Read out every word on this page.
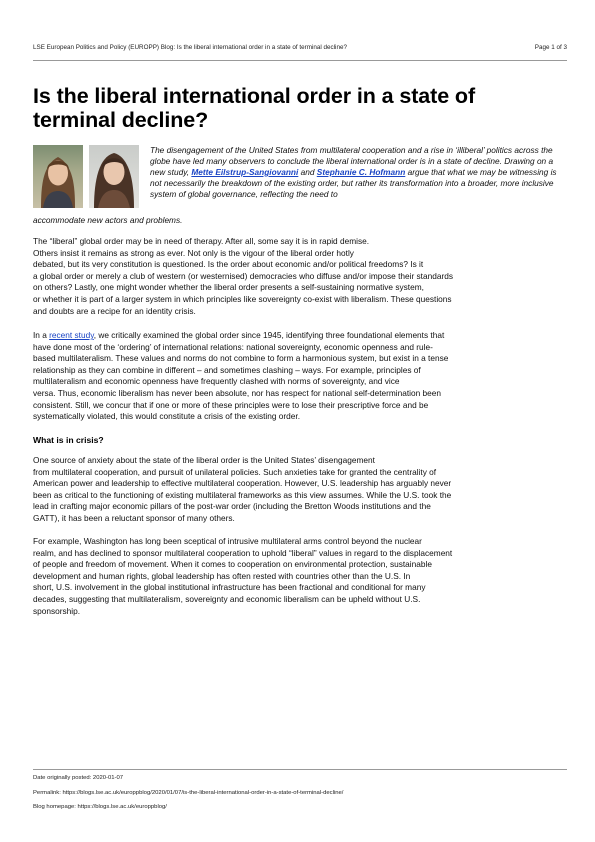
LSE European Politics and Policy (EUROPP) Blog: Is the liberal international order in a state of terminal decline?	Page 1 of 3
Is the liberal international order in a state of terminal decline?
The disengagement of the United States from multilateral cooperation and a rise in ‘illiberal’ politics across the globe have led many observers to conclude the liberal international order is in a state of decline. Drawing on a new study, Mette Eilstrup-Sangiovanni and Stephanie C. Hofmann argue that what we may be witnessing is not necessarily the breakdown of the existing order, but rather its transformation into a broader, more inclusive system of global governance, reflecting the need to
accommodate new actors and problems.
The “liberal” global order may be in need of therapy. After all, some say it is in rapid demise.
Others insist it remains as strong as ever. Not only is the vigour of the liberal order hotly
debated, but its very constitution is questioned. Is the order about economic and/or political freedoms? Is it
a global order or merely a club of western (or westernised) democracies who diffuse and/or impose their standards
on others? Lastly, one might wonder whether the liberal order presents a self-sustaining normative system,
or whether it is part of a larger system in which principles like sovereignty co-exist with liberalism. These questions
and doubts are a recipe for an identity crisis.
In a recent study, we critically examined the global order since 1945, identifying three foundational elements that
have done most of the ‘ordering’ of international relations: national sovereignty, economic openness and rule-
based multilateralism. These values and norms do not combine to form a harmonious system, but exist in a tense
relationship as they can combine in different – and sometimes clashing – ways. For example, principles of
multilateralism and economic openness have frequently clashed with norms of sovereignty, and vice
versa. Thus, economic liberalism has never been absolute, nor has respect for national self-determination been
consistent. Still, we concur that if one or more of these principles were to lose their prescriptive force and be
systematically violated, this would constitute a crisis of the existing order.
What is in crisis?
One source of anxiety about the state of the liberal order is the United States’ disengagement
from multilateral cooperation, and pursuit of unilateral policies. Such anxieties take for granted the centrality of
American power and leadership to effective multilateral cooperation. However, U.S. leadership has arguably never
been as critical to the functioning of existing multilateral frameworks as this view assumes. While the U.S. took the
lead in crafting major economic pillars of the post-war order (including the Bretton Woods institutions and the
GATT), it has been a reluctant sponsor of many others.
For example, Washington has long been sceptical of intrusive multilateral arms control beyond the nuclear
realm, and has declined to sponsor multilateral cooperation to uphold “liberal” values in regard to the displacement
of people and freedom of movement. When it comes to cooperation on environmental protection, sustainable
development and human rights, global leadership has often rested with countries other than the U.S. In
short, U.S. involvement in the global institutional infrastructure has been fractional and conditional for many
decades, suggesting that multilateralism, sovereignty and economic liberalism can be upheld without U.S.
sponsorship.
Date originally posted: 2020-01-07
Permalink: https://blogs.lse.ac.uk/europpblog/2020/01/07/is-the-liberal-international-order-in-a-state-of-terminal-decline/
Blog homepage: https://blogs.lse.ac.uk/europpblog/
